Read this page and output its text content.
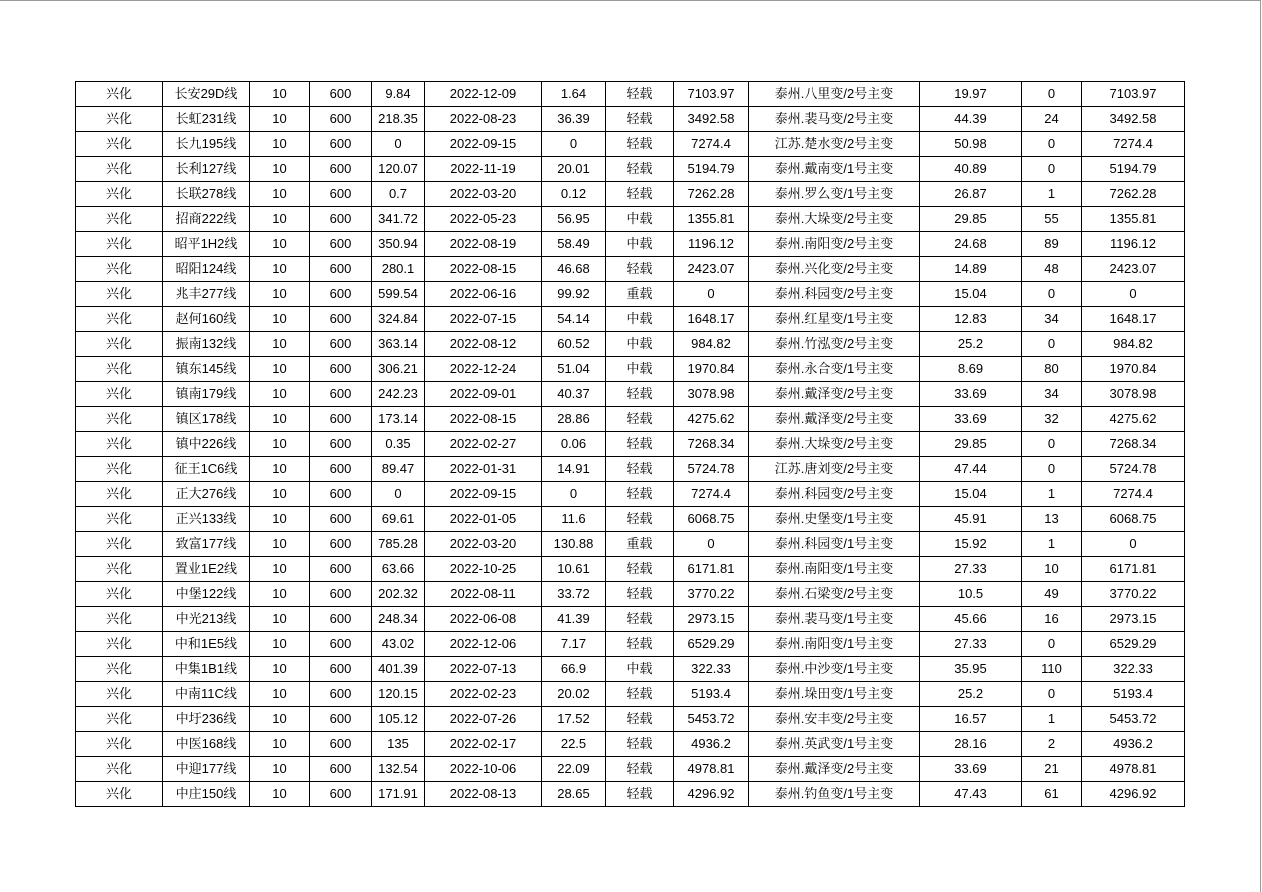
兴化	长安29D线	10	600	9.84	2022-12-09	1.64	轻载	7103.97	泰州.八里变/2号主变	19.97	0	7103.97
兴化	长虹231线	10	600	218.35	2022-08-23	36.39	轻载	3492.58	泰州.裴马变/2号主变	44.39	24	3492.58
兴化	长九195线	10	600	0	2022-09-15	0	轻载	7274.4	江苏.楚水变/2号主变	50.98	0	7274.4
兴化	长利127线	10	600	120.07	2022-11-19	20.01	轻载	5194.79	泰州.戴南变/1号主变	40.89	0	5194.79
兴化	长联278线	10	600	0.7	2022-03-20	0.12	轻载	7262.28	泰州.罗么变/1号主变	26.87	1	7262.28
兴化	招商222线	10	600	341.72	2022-05-23	56.95	中载	1355.81	泰州.大垛变/2号主变	29.85	55	1355.81
兴化	昭平1H2线	10	600	350.94	2022-08-19	58.49	中载	1196.12	泰州.南阳变/2号主变	24.68	89	1196.12
兴化	昭阳124线	10	600	280.1	2022-08-15	46.68	轻载	2423.07	泰州.兴化变/2号主变	14.89	48	2423.07
兴化	兆丰277线	10	600	599.54	2022-06-16	99.92	重载	0	泰州.科园变/2号主变	15.04	0	0
兴化	赵何160线	10	600	324.84	2022-07-15	54.14	中载	1648.17	泰州.红星变/1号主变	12.83	34	1648.17
兴化	振南132线	10	600	363.14	2022-08-12	60.52	中载	984.82	泰州.竹泓变/2号主变	25.2	0	984.82
兴化	镇东145线	10	600	306.21	2022-12-24	51.04	中载	1970.84	泰州.永合变/1号主变	8.69	80	1970.84
兴化	镇南179线	10	600	242.23	2022-09-01	40.37	轻载	3078.98	泰州.戴泽变/2号主变	33.69	34	3078.98
兴化	镇区178线	10	600	173.14	2022-08-15	28.86	轻载	4275.62	泰州.戴泽变/2号主变	33.69	32	4275.62
兴化	镇中226线	10	600	0.35	2022-02-27	0.06	轻载	7268.34	泰州.大垛变/2号主变	29.85	0	7268.34
兴化	征王1C6线	10	600	89.47	2022-01-31	14.91	轻载	5724.78	江苏.唐刘变/2号主变	47.44	0	5724.78
兴化	正大276线	10	600	0	2022-09-15	0	轻载	7274.4	泰州.科园变/2号主变	15.04	1	7274.4
兴化	正兴133线	10	600	69.61	2022-01-05	11.6	轻载	6068.75	泰州.史堡变/1号主变	45.91	13	6068.75
兴化	致富177线	10	600	785.28	2022-03-20	130.88	重载	0	泰州.科园变/1号主变	15.92	1	0
兴化	置业1E2线	10	600	63.66	2022-10-25	10.61	轻载	6171.81	泰州.南阳变/1号主变	27.33	10	6171.81
兴化	中堡122线	10	600	202.32	2022-08-11	33.72	轻载	3770.22	泰州.石梁变/2号主变	10.5	49	3770.22
兴化	中光213线	10	600	248.34	2022-06-08	41.39	轻载	2973.15	泰州.裴马变/1号主变	45.66	16	2973.15
兴化	中和1E5线	10	600	43.02	2022-12-06	7.17	轻载	6529.29	泰州.南阳变/1号主变	27.33	0	6529.29
兴化	中集1B1线	10	600	401.39	2022-07-13	66.9	中载	322.33	泰州.中沙变/1号主变	35.95	110	322.33
兴化	中南11C线	10	600	120.15	2022-02-23	20.02	轻载	5193.4	泰州.垛田变/1号主变	25.2	0	5193.4
兴化	中圩236线	10	600	105.12	2022-07-26	17.52	轻载	5453.72	泰州.安丰变/2号主变	16.57	1	5453.72
兴化	中医168线	10	600	135	2022-02-17	22.5	轻载	4936.2	泰州.英武变/1号主变	28.16	2	4936.2
兴化	中迎177线	10	600	132.54	2022-10-06	22.09	轻载	4978.81	泰州.戴泽变/2号主变	33.69	21	4978.81
兴化	中庄150线	10	600	171.91	2022-08-13	28.65	轻载	4296.92	泰州.钓鱼变/1号主变	47.43	61	4296.92
